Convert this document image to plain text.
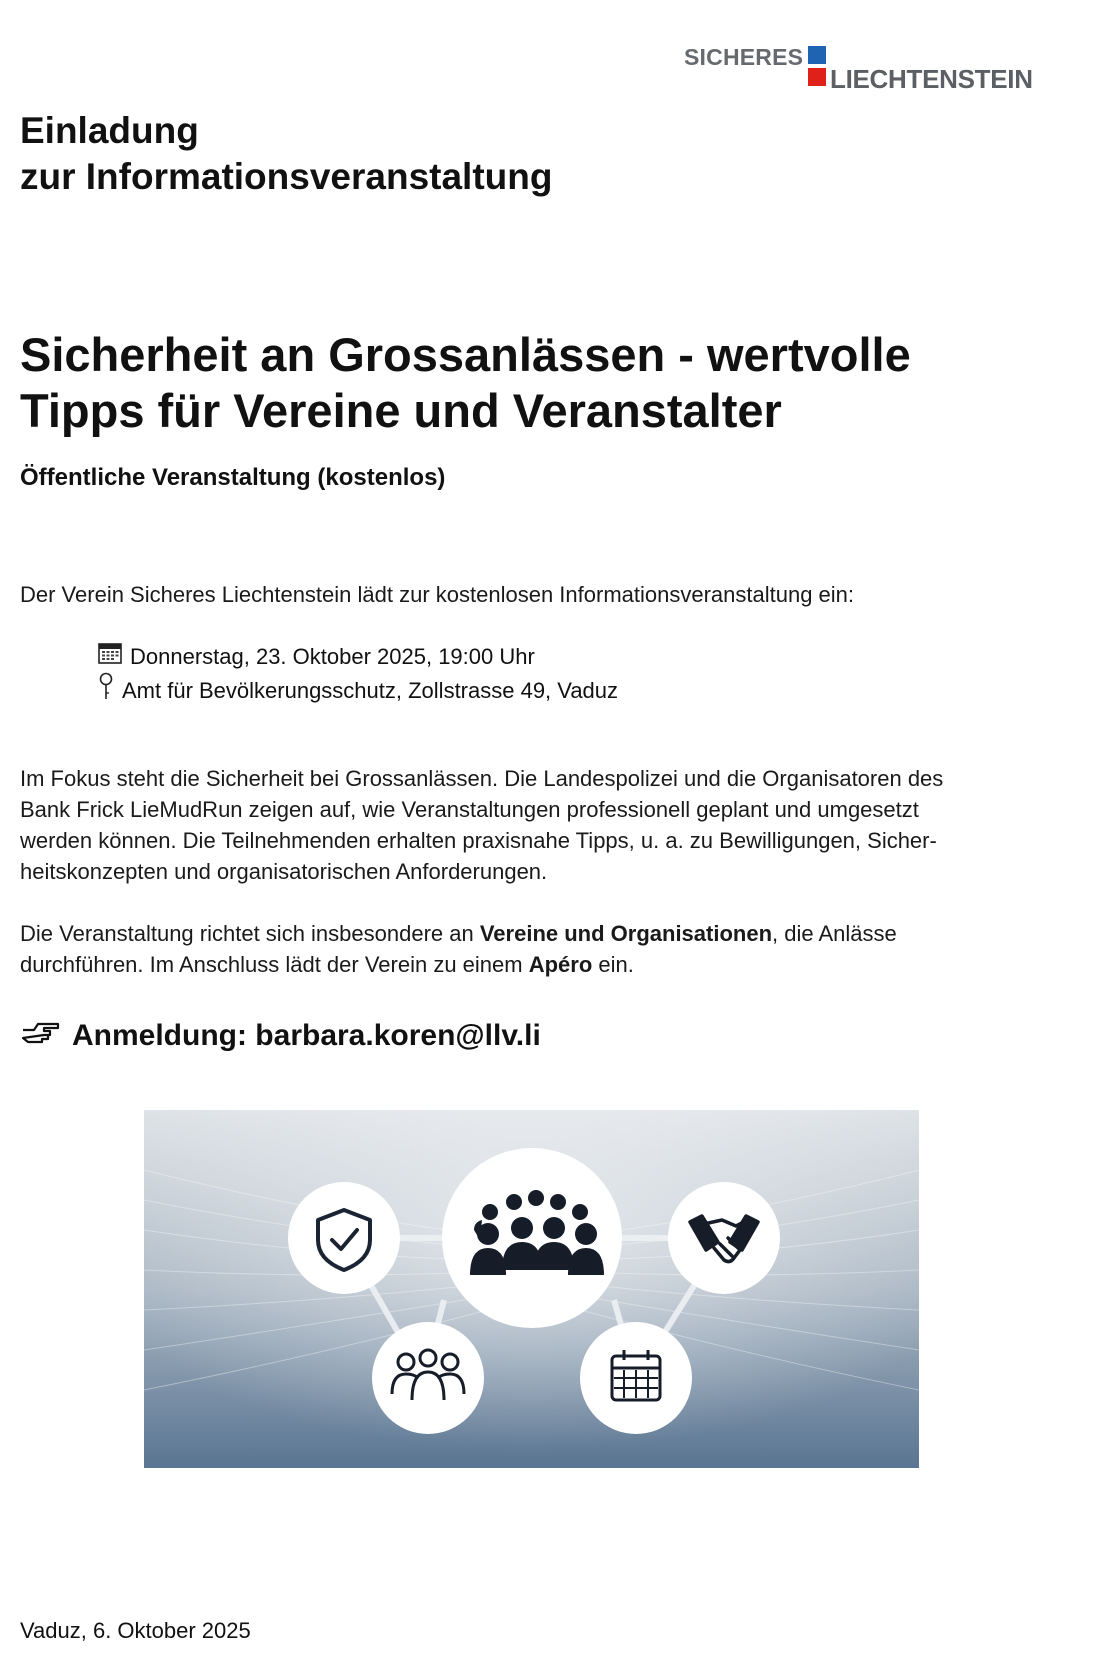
SICHERES
LIECHTENSTEIN
Einladung
zur Informationsveranstaltung
Sicherheit an Grossanlässen - wertvolle
Tipps für Vereine und Veranstalter

Öffentliche Veranstaltung (kostenlos)

Der Verein Sicheres Liechtenstein lädt zur kostenlosen Informationsveranstaltung ein:

Donnerstag, 23. Oktober 2025, 19:00 Uhr
Amt für Bevölkerungsschutz, Zollstrasse 49, Vaduz

Im Fokus steht die Sicherheit bei Grossanlässen. Die Landespolizei und die Organisatoren des
Bank Frick LieMudRun zeigen auf, wie Veranstaltungen professionell geplant und umgesetzt
werden können. Die Teilnehmenden erhalten praxisnahe Tipps, u. a. zu Bewilligungen, Sicher-
heitskonzepten und organisatorischen Anforderungen.

Die Veranstaltung richtet sich insbesondere an Vereine und Organisationen, die Anlässe
durchführen. Im Anschluss lädt der Verein zu einem Apéro ein.

Anmeldung: barbara.koren@llv.li
Vaduz, 6. Oktober 2025
